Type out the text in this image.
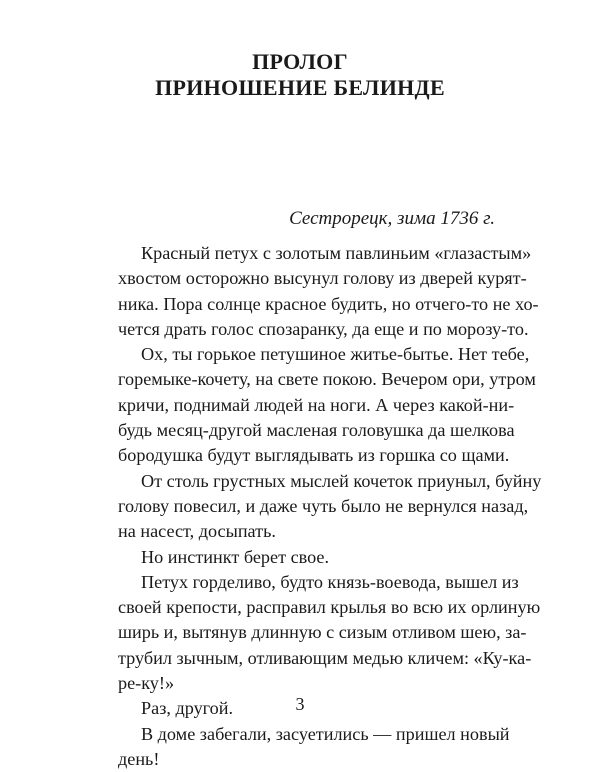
ПРОЛОГ
ПРИНОШЕНИЕ БЕЛИНДЕ
Сестрорецк, зима 1736 г.

Красный петух с золотым павлиньим «глазастым»
хвостом осторожно высунул голову из дверей курят-
ника. Пора солнце красное будить, но отчего-то не хо-
чется драть голос спозаранку, да еще и по морозу-то.

Ох, ты горькое петушиное житье-бытье. Нет тебе,
горемыке-кочету, на свете покою. Вечером ори, утром
кричи, поднимай людей на ноги. А через какой-ни-
будь месяц-другой масленая головушка да шелкова
бородушка будут выглядывать из горшка со щами.

От столь грустных мыслей кочеток приуныл, буйну
голову повесил, и даже чуть было не вернулся назад,
на насест, досыпать.

Но инстинкт берет свое.

Петух горделиво, будто князь-воевода, вышел из
своей крепости, расправил крылья во всю их орлиную
ширь и, вытянув длинную с сизым отливом шею, за-
трубил зычным, отливающим медью кличем: «Ку-ка-
ре-ку!»

Раз, другой.

В доме забегали, засуетились — пришел новый
день!

3
